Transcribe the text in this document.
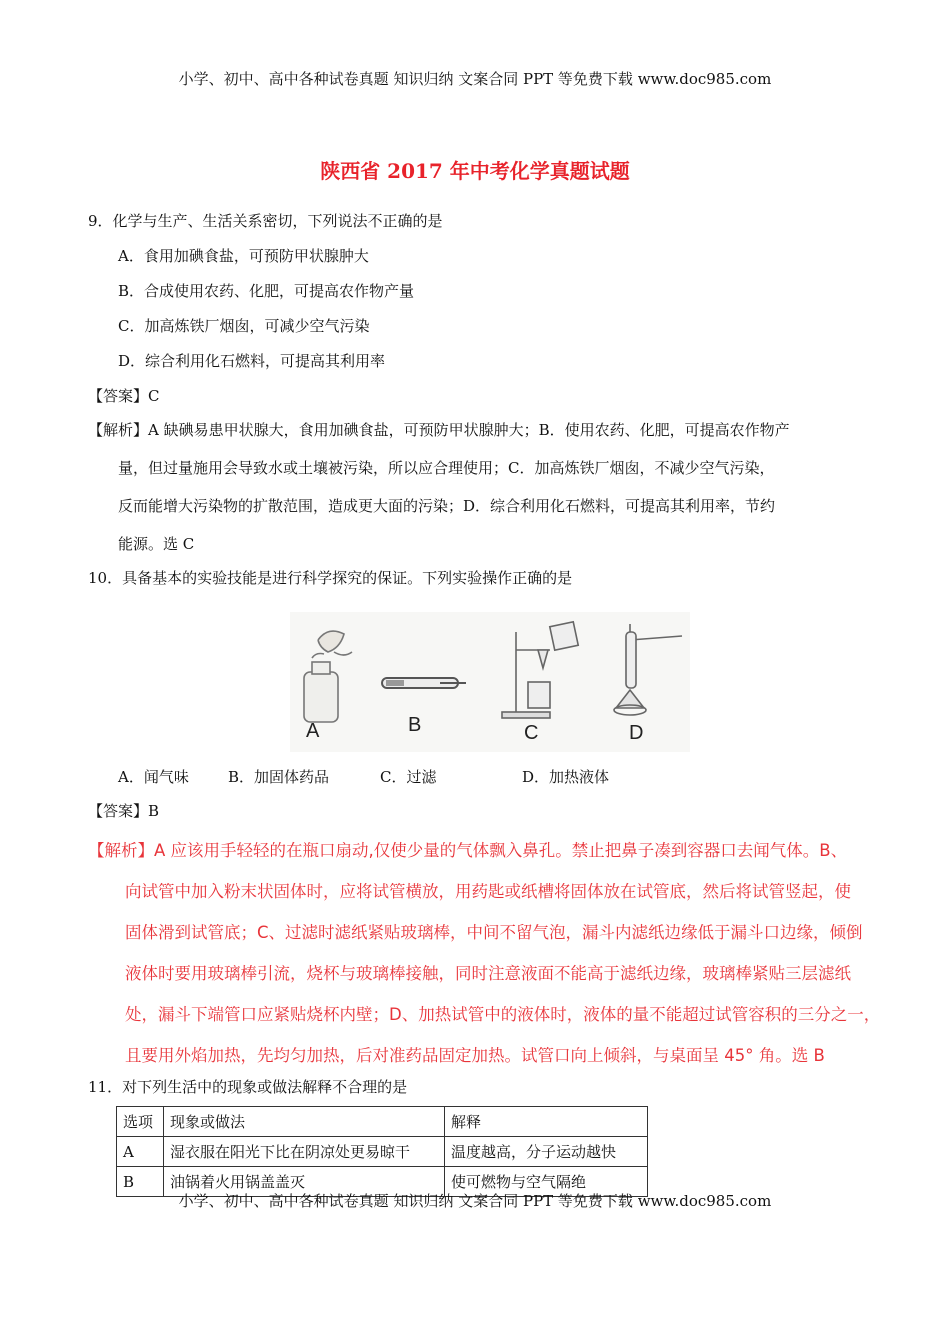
小学、初中、高中各种试卷真题 知识归纳 文案合同 PPT 等免费下载 www.doc985.com
陕西省 2017 年中考化学真题试题
9．化学与生产、生活关系密切，下列说法不正确的是
A．食用加碘食盐，可预防甲状腺肿大
B．合成使用农药、化肥，可提高农作物产量
C．加高炼铁厂烟囱，可减少空气污染
D．综合利用化石燃料，可提高其利用率
【答案】C
【解析】A 缺碘易患甲状腺大，食用加碘食盐，可预防甲状腺肿大；B．使用农药、化肥，可提高农作物产
量，但过量施用会导致水或土壤被污染，所以应合理使用；C．加高炼铁厂烟囱，不减少空气污染，
反而能增大污染物的扩散范围，造成更大面的污染；D．综合利用化石燃料，可提高其利用率，节约
能源。选 C
10．具备基本的实验技能是进行科学探究的保证。下列实验操作正确的是
A	B	C	D
A．闻气味	B．加固体药品	C．过滤	D．加热液体
【答案】B
【解析】A 应该用手轻轻的在瓶口扇动,仅使少量的气体飘入鼻孔。禁止把鼻子凑到容器口去闻气体。B、
向试管中加入粉末状固体时，应将试管横放，用药匙或纸槽将固体放在试管底，然后将试管竖起，使
固体滑到试管底；C、过滤时滤纸紧贴玻璃棒，中间不留气泡，漏斗内滤纸边缘低于漏斗口边缘，倾倒
液体时要用玻璃棒引流，烧杯与玻璃棒接触，同时注意液面不能高于滤纸边缘，玻璃棒紧贴三层滤纸
处，漏斗下端管口应紧贴烧杯内壁；D、加热试管中的液体时，液体的量不能超过试管容积的三分之一，
且要用外焰加热，先均匀加热，后对准药品固定加热。试管口向上倾斜，与桌面呈 45° 角。选 B
11．对下列生活中的现象或做法解释不合理的是
选项	现象或做法	解释
A	湿衣服在阳光下比在阴凉处更易晾干	温度越高，分子运动越快
B	油锅着火用锅盖盖灭	使可燃物与空气隔绝
小学、初中、高中各种试卷真题 知识归纳 文案合同 PPT 等免费下载 www.doc985.com
